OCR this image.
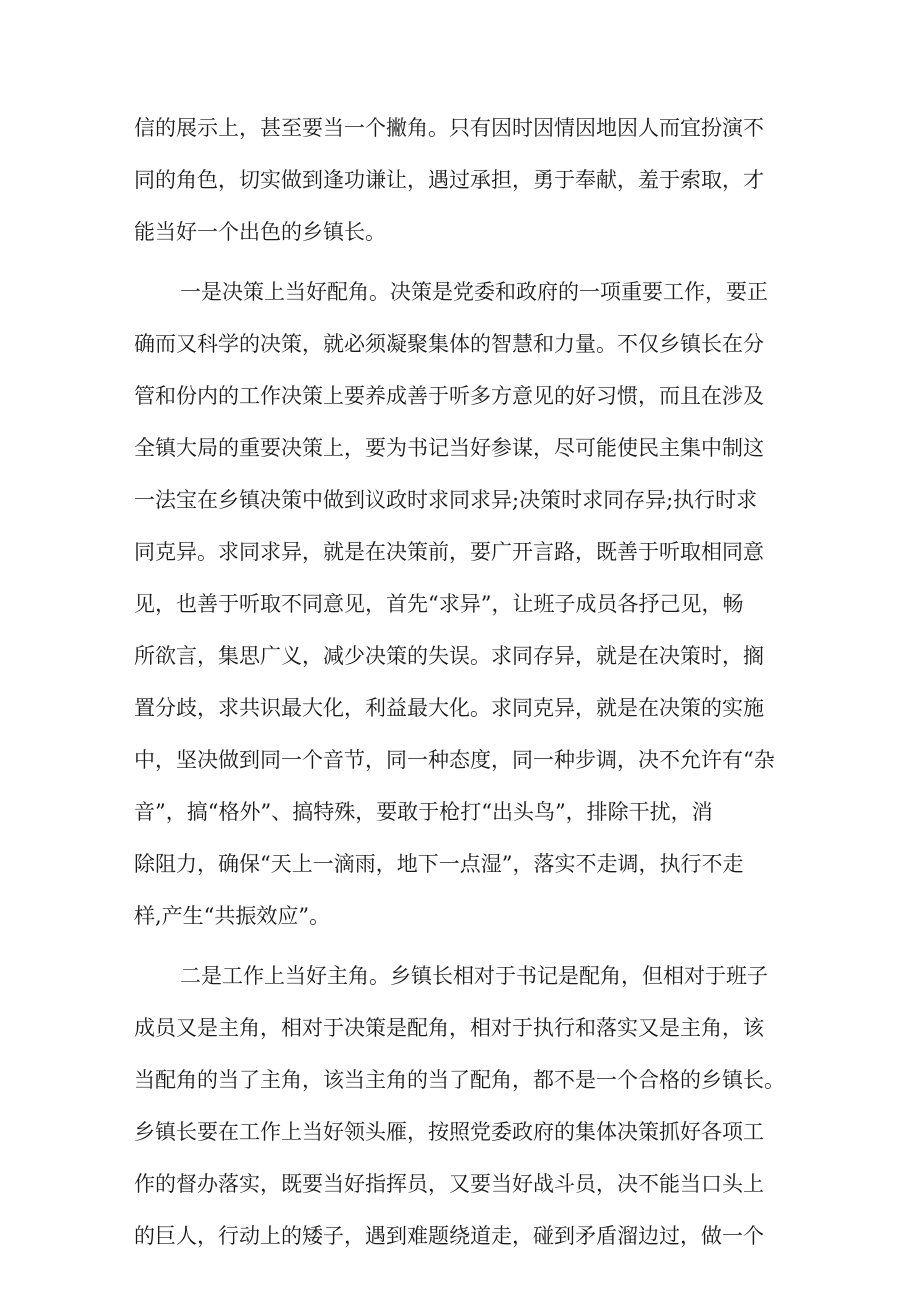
信的展示上，甚至要当一个撇角。只有因时因情因地因人而宜扮演不

同的角色，切实做到逢功谦让，遇过承担，勇于奉献，羞于索取，才

能当好一个出色的乡镇长。

一是决策上当好配角。决策是党委和政府的一项重要工作，要正

确而又科学的决策，就必须凝聚集体的智慧和力量。不仅乡镇长在分

管和份内的工作决策上要养成善于听多方意见的好习惯，而且在涉及

全镇大局的重要决策上，要为书记当好参谋，尽可能使民主集中制这

一法宝在乡镇决策中做到议政时求同求异;决策时求同存异;执行时求

同克异。求同求异，就是在决策前，要广开言路，既善于听取相同意

见，也善于听取不同意见，首先“求异”，让班子成员各抒己见，畅

所欲言，集思广义，减少决策的失误。求同存异，就是在决策时，搁

置分歧，求共识最大化，利益最大化。求同克异，就是在决策的实施

中，坚决做到同一个音节，同一种态度，同一种步调，决不允许有“杂

音”，搞“格外”、搞特殊，要敢于枪打“出头鸟”，排除干扰，消

除阻力，确保“天上一滴雨，地下一点湿”，落实不走调，执行不走

样,产生“共振效应”。

二是工作上当好主角。乡镇长相对于书记是配角，但相对于班子

成员又是主角，相对于决策是配角，相对于执行和落实又是主角，该

当配角的当了主角，该当主角的当了配角，都不是一个合格的乡镇长。

乡镇长要在工作上当好领头雁，按照党委政府的集体决策抓好各项工

作的督办落实，既要当好指挥员，又要当好战斗员，决不能当口头上

的巨人，行动上的矮子，遇到难题绕道走，碰到矛盾溜边过，做一个
